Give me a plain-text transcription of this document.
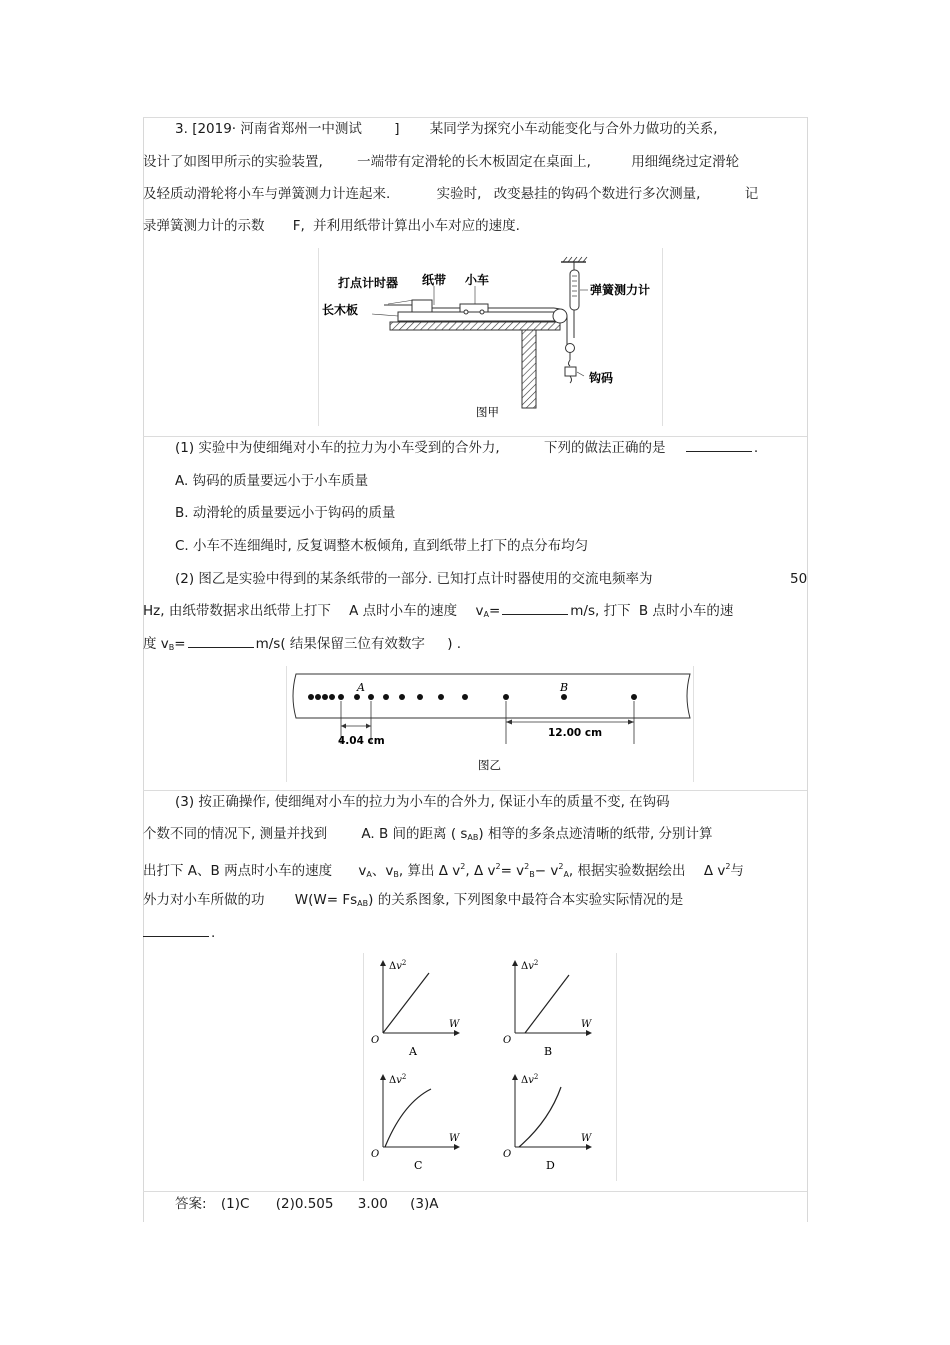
3. [2019· 河南省郑州一中测试 ] 某同学为探究小车动能变化与合外力做功的关系,
设计了如图甲所示的实验装置,	一端带有定滑轮的长木板固定在桌面上,	用细绳绕过定滑轮
及轻质动滑轮将小车与弹簧测力计连起来.	实验时, 改变悬挂的钩码个数进行多次测量,	记
录弹簧测力计的示数 F, 并利用纸带计算出小车对应的速度.
打点计时器 纸带 小车
长木板
弹簧测力计
钩码
图甲
(1) 实验中为使细绳对小车的拉力为小车受到的合外力,	下列的做法正确的是	.
A. 钩码的质量要远小于小车质量
B. 动滑轮的质量要远小于钩码的质量
C. 小车不连细绳时, 反复调整木板倾角, 直到纸带上打下的点分布均匀
(2) 图乙是实验中得到的某条纸带的一部分. 已知打点计时器使用的交流电频率为	50
Hz, 由纸带数据求出纸带上打下 A 点时小车的速度 $v_A=$	m/s, 打下 B 点时小车的速
度 $v_B=$	m/s( 结果保留三位有效数字 ) .
A	B
4.04 cm
12.00 cm
图乙
(3) 按正确操作, 使细绳对小车的拉力为小车的合外力, 保证小车的质量不变, 在钩码
个数不同的情况下, 测量并找到	A. B 间的距离 ( $s_{AB}$) 相等的多条点迹清晰的纸带, 分别计算
出打下 A、B 两点时小车的速度 $v_A$、$v_B$, 算出 Δ $v^2$, Δ $v^2= v^2_B- v^2_A$, 根据实验数据绘出 Δ $v^2$与
外力对小车所做的功 $W(W= Fs_{AB})$ 的关系图象, 下列图象中最符合本实验实际情况的是
.
$\Delta v^2$
W
O
A
$\Delta v^2$
W
O
B
$\Delta v^2$
W
O
C
$\Delta v^2$
W
O
D
答案: (1)C (2)0.505 3.00 (3)A
